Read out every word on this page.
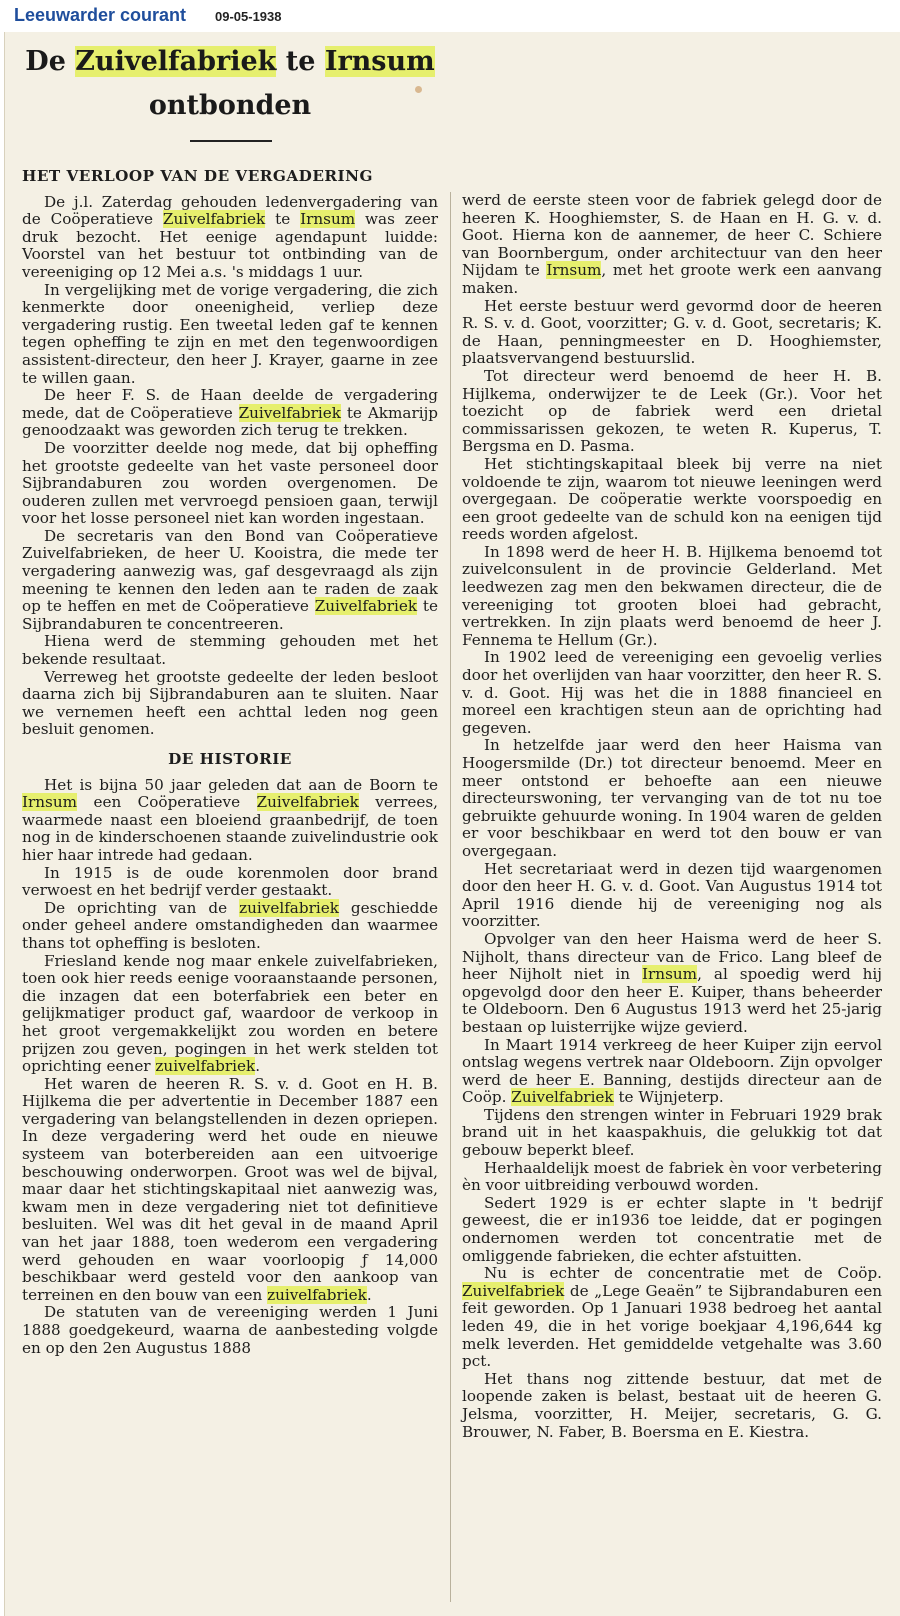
Leeuwarder courant 09-05-1938
De Zuivelfabriek te Irnsum
ontbonden
HET VERLOOP VAN DE VERGADERING

De j.l. Zaterdag gehouden ledenvergadering van de Coöperatieve Zuivelfabriek te Irnsum was zeer druk bezocht. Het eenige agendapunt luidde: Voorstel van het bestuur tot ontbinding van de vereeniging op 12 Mei a.s. 's middags 1 uur.

In vergelijking met de vorige vergadering, die zich kenmerkte door oneenigheid, verliep deze vergadering rustig. Een tweetal leden gaf te kennen tegen opheffing te zijn en met den tegenwoordigen assistent-directeur, den heer J. Krayer, gaarne in zee te willen gaan.

De heer F. S. de Haan deelde de vergadering mede, dat de Coöperatieve Zuivelfabriek te Akmarijp genoodzaakt was geworden zich terug te trekken.

De voorzitter deelde nog mede, dat bij opheffing het grootste gedeelte van het vaste personeel door Sijbrandaburen zou worden overgenomen. De ouderen zullen met vervroegd pensioen gaan, terwijl voor het losse personeel niet kan worden ingestaan.

De secretaris van den Bond van Coöperatieve Zuivelfabrieken, de heer U. Kooistra, die mede ter vergadering aanwezig was, gaf desgevraagd als zijn meening te kennen den leden aan te raden de zaak op te heffen en met de Coöperatieve Zuivelfabriek te Sijbrandaburen te concentreeren.

Hiena werd de stemming gehouden met het bekende resultaat.

Verreweg het grootste gedeelte der leden besloot daarna zich bij Sijbrandaburen aan te sluiten. Naar we vernemen heeft een achttal leden nog geen besluit genomen.

DE HISTORIE

Het is bijna 50 jaar geleden dat aan de Boorn te Irnsum een Coöperatieve Zuivelfabriek verrees, waarmede naast een bloeiend graanbedrijf, de toen nog in de kinderschoenen staande zuivelindustrie ook hier haar intrede had gedaan.

In 1915 is de oude korenmolen door brand verwoest en het bedrijf verder gestaakt.

De oprichting van de zuivelfabriek geschiedde onder geheel andere omstandigheden dan waarmee thans tot opheffing is besloten.

Friesland kende nog maar enkele zuivelfabrieken, toen ook hier reeds eenige vooraanstaande personen, die inzagen dat een boterfabriek een beter en gelijkmatiger product gaf, waardoor de verkoop in het groot vergemakkelijkt zou worden en betere prijzen zou geven, pogingen in het werk stelden tot oprichting eener zuivelfabriek.

Het waren de heeren R. S. v. d. Goot en H. B. Hijlkema die per advertentie in December 1887 een vergadering van belangstellenden in dezen opriepen. In deze vergadering werd het oude en nieuwe systeem van boterbereiden aan een uitvoerige beschouwing onderworpen. Groot was wel de bijval, maar daar het stichtingskapitaal niet aanwezig was, kwam men in deze vergadering niet tot definitieve besluiten. Wel was dit het geval in de maand April van het jaar 1888, toen wederom een vergadering werd gehouden en waar voorloopig ƒ 14,000 beschikbaar werd gesteld voor den aankoop van terreinen en den bouw van een zuivelfabriek.

De statuten van de vereeniging werden 1 Juni 1888 goedgekeurd, waarna de aanbesteding volgde en op den 2en Augustus 1888

werd de eerste steen voor de fabriek gelegd door de heeren K. Hooghiemster, S. de Haan en H. G. v. d. Goot. Hierna kon de aannemer, de heer C. Schiere van Boornbergum, onder architectuur van den heer Nijdam te Irnsum, met het groote werk een aanvang maken.

Het eerste bestuur werd gevormd door de heeren R. S. v. d. Goot, voorzitter; G. v. d. Goot, secretaris; K. de Haan, penningmeester en D. Hooghiemster, plaatsvervangend bestuurslid.

Tot directeur werd benoemd de heer H. B. Hijlkema, onderwijzer te de Leek (Gr.). Voor het toezicht op de fabriek werd een drietal commissarissen gekozen, te weten R. Kuperus, T. Bergsma en D. Pasma.

Het stichtingskapitaal bleek bij verre na niet voldoende te zijn, waarom tot nieuwe leeningen werd overgegaan. De coöperatie werkte voorspoedig en een groot gedeelte van de schuld kon na eenigen tijd reeds worden afgelost.

In 1898 werd de heer H. B. Hijlkema benoemd tot zuivelconsulent in de provincie Gelderland. Met leedwezen zag men den bekwamen directeur, die de vereeniging tot grooten bloei had gebracht, vertrekken. In zijn plaats werd benoemd de heer J. Fennema te Hellum (Gr.).

In 1902 leed de vereeniging een gevoelig verlies door het overlijden van haar voorzitter, den heer R. S. v. d. Goot. Hij was het die in 1888 financieel en moreel een krachtigen steun aan de oprichting had gegeven.

In hetzelfde jaar werd den heer Haisma van Hoogersmilde (Dr.) tot directeur benoemd. Meer en meer ontstond er behoefte aan een nieuwe directeurswoning, ter vervanging van de tot nu toe gebruikte gehuurde woning. In 1904 waren de gelden er voor beschikbaar en werd tot den bouw er van overgegaan.

Het secretariaat werd in dezen tijd waargenomen door den heer H. G. v. d. Goot. Van Augustus 1914 tot April 1916 diende hij de vereeniging nog als voorzitter.

Opvolger van den heer Haisma werd de heer S. Nijholt, thans directeur van de Frico. Lang bleef de heer Nijholt niet in Irnsum, al spoedig werd hij opgevolgd door den heer E. Kuiper, thans beheerder te Oldeboorn. Den 6 Augustus 1913 werd het 25-jarig bestaan op luisterrijke wijze gevierd.

In Maart 1914 verkreeg de heer Kuiper zijn eervol ontslag wegens vertrek naar Oldeboorn. Zijn opvolger werd de heer E. Banning, destijds directeur aan de Coöp. Zuivelfabriek te Wijnjeterp.

Tijdens den strengen winter in Februari 1929 brak brand uit in het kaaspakhuis, die gelukkig tot dat gebouw beperkt bleef.

Herhaaldelijk moest de fabriek èn voor verbetering èn voor uitbreiding verbouwd worden.

Sedert 1929 is er echter slapte in 't bedrijf geweest, die er in1936 toe leidde, dat er pogingen ondernomen werden tot concentratie met de omliggende fabrieken, die echter afstuitten.

Nu is echter de concentratie met de Coöp. Zuivelfabriek de „Lege Geaën” te Sijbrandaburen een feit geworden. Op 1 Januari 1938 bedroeg het aantal leden 49, die in het vorige boekjaar 4,196,644 kg melk leverden. Het gemiddelde vetgehalte was 3.60 pct.

Het thans nog zittende bestuur, dat met de loopende zaken is belast, bestaat uit de heeren G. Jelsma, voorzitter, H. Meijer, secretaris, G. G. Brouwer, N. Faber, B. Boersma en E. Kiestra.
